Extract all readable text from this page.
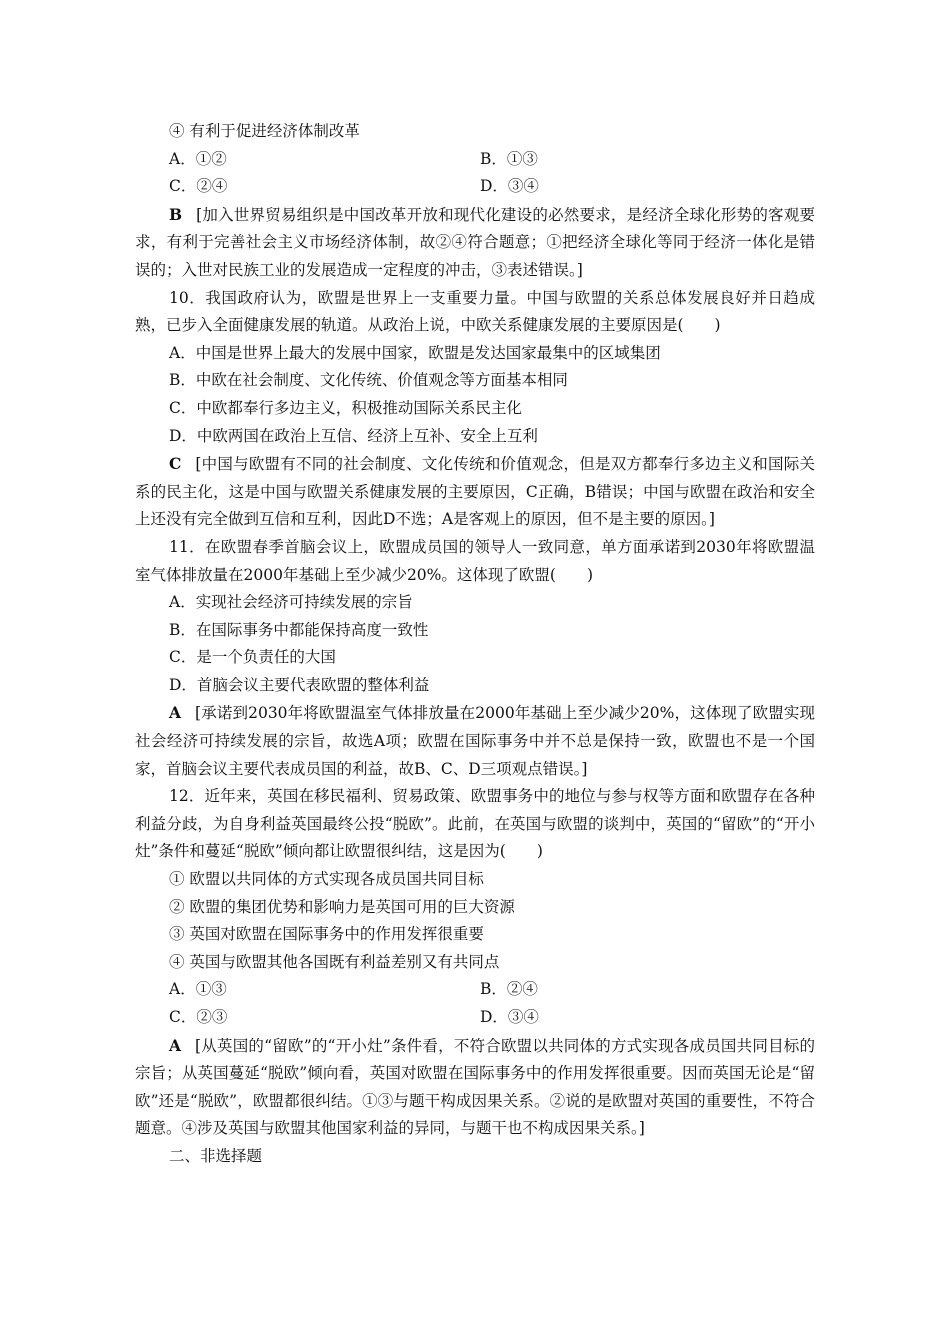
④ 有利于促进经济体制改革

A．①②	B．①③
C．②④	D．③④

B [加入世界贸易组织是中国改革开放和现代化建设的必然要求，是经济全球化形势的客观要求，有利于完善社会主义市场经济体制，故②④符合题意；①把经济全球化等同于经济一体化是错误的；入世对民族工业的发展造成一定程度的冲击，③表述错误。]

10．我国政府认为，欧盟是世界上一支重要力量。中国与欧盟的关系总体发展良好并日趋成熟，已步入全面健康发展的轨道。从政治上说，中欧关系健康发展的主要原因是(　　)

A．中国是世界上最大的发展中国家，欧盟是发达国家最集中的区域集团

B．中欧在社会制度、文化传统、价值观念等方面基本相同

C．中欧都奉行多边主义，积极推动国际关系民主化

D．中欧两国在政治上互信、经济上互补、安全上互利

C [中国与欧盟有不同的社会制度、文化传统和价值观念，但是双方都奉行多边主义和国际关系的民主化，这是中国与欧盟关系健康发展的主要原因，C正确，B错误；中国与欧盟在政治和安全上还没有完全做到互信和互利，因此D不选；A是客观上的原因，但不是主要的原因。]

11．在欧盟春季首脑会议上，欧盟成员国的领导人一致同意，单方面承诺到2030年将欧盟温室气体排放量在2000年基础上至少减少20%。这体现了欧盟(　　)

A．实现社会经济可持续发展的宗旨

B．在国际事务中都能保持高度一致性

C．是一个负责任的大国

D．首脑会议主要代表欧盟的整体利益

A [承诺到2030年将欧盟温室气体排放量在2000年基础上至少减少20%，这体现了欧盟实现社会经济可持续发展的宗旨，故选A项；欧盟在国际事务中并不总是保持一致，欧盟也不是一个国家，首脑会议主要代表成员国的利益，故B、C、D三项观点错误。]

12．近年来，英国在移民福利、贸易政策、欧盟事务中的地位与参与权等方面和欧盟存在各种利益分歧，为自身利益英国最终公投“脱欧”。此前，在英国与欧盟的谈判中，英国的“留欧”的“开小灶”条件和蔓延“脱欧”倾向都让欧盟很纠结，这是因为(　　)

① 欧盟以共同体的方式实现各成员国共同目标

② 欧盟的集团优势和影响力是英国可用的巨大资源

③ 英国对欧盟在国际事务中的作用发挥很重要

④ 英国与欧盟其他各国既有利益差别又有共同点

A．①③	B．②④
C．②③	D．③④

A [从英国的“留欧”的“开小灶”条件看，不符合欧盟以共同体的方式实现各成员国共同目标的宗旨；从英国蔓延“脱欧”倾向看，英国对欧盟在国际事务中的作用发挥很重要。因而英国无论是“留欧”还是“脱欧”，欧盟都很纠结。①③与题干构成因果关系。②说的是欧盟对英国的重要性，不符合题意。④涉及英国与欧盟其他国家利益的异同，与题干也不构成因果关系。]

二、非选择题
